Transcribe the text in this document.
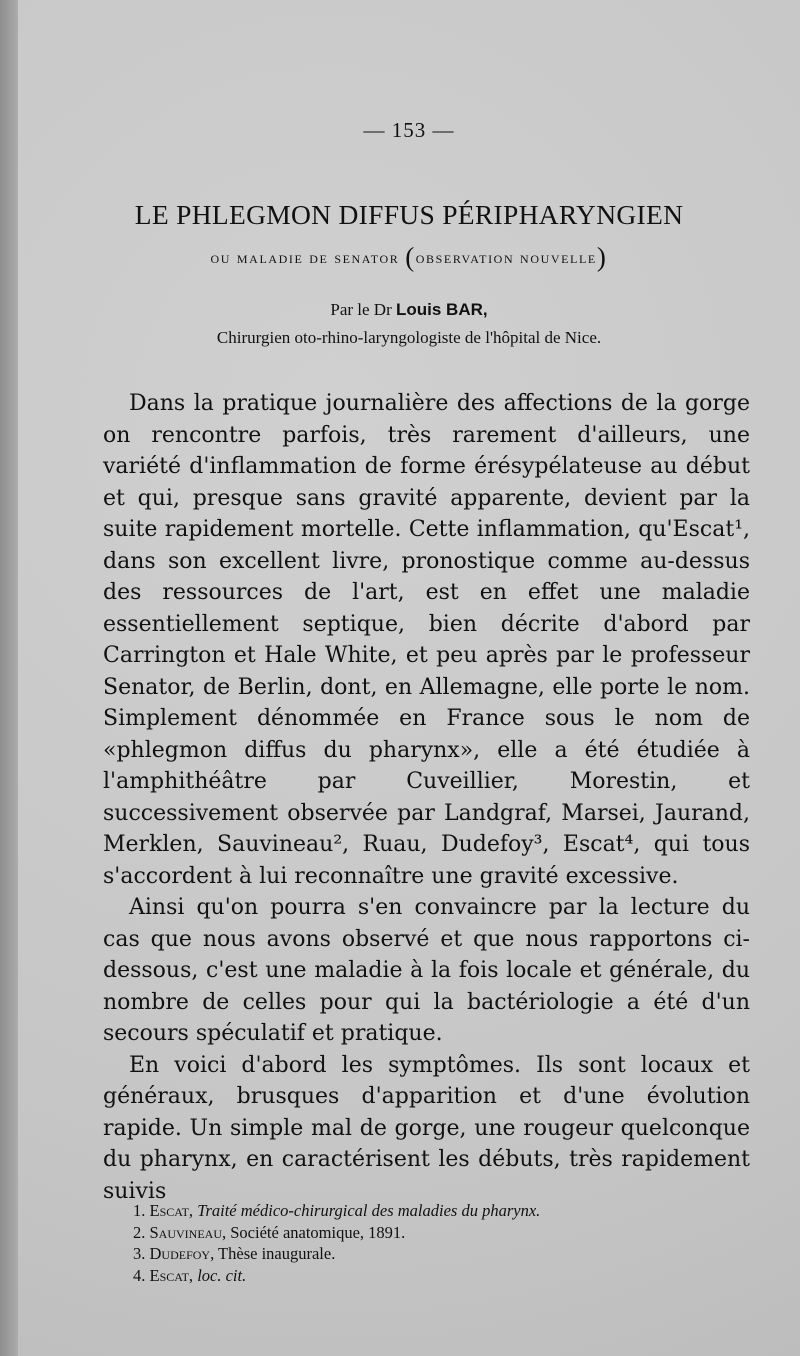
— 153 —
LE PHLEGMON DIFFUS PÉRIPHARYNGIEN
ou maladie de senator (observation nouvelle)
Par le Dr Louis BAR,
Chirurgien oto-rhino-laryngologiste de l'hôpital de Nice.

Dans la pratique journalière des affections de la gorge on rencontre parfois, très rarement d'ailleurs, une variété d'inflammation de forme érésypélateuse au début et qui, presque sans gravité apparente, devient par la suite rapidement mortelle. Cette inflammation, qu'Escat¹, dans son excellent livre, pronostique comme au-dessus des ressources de l'art, est en effet une maladie essentiellement septique, bien décrite d'abord par Carrington et Hale White, et peu après par le professeur Senator, de Berlin, dont, en Allemagne, elle porte le nom. Simplement dénommée en France sous le nom de «phlegmon diffus du pharynx», elle a été étudiée à l'amphithéâtre par Cuveillier, Morestin, et successivement observée par Landgraf, Marsei, Jaurand, Merklen, Sauvineau², Ruau, Dudefoy³, Escat⁴, qui tous s'accordent à lui reconnaître une gravité excessive.

Ainsi qu'on pourra s'en convaincre par la lecture du cas que nous avons observé et que nous rapportons ci-dessous, c'est une maladie à la fois locale et générale, du nombre de celles pour qui la bactériologie a été d'un secours spéculatif et pratique.

En voici d'abord les symptômes. Ils sont locaux et généraux, brusques d'apparition et d'une évolution rapide. Un simple mal de gorge, une rougeur quelconque du pharynx, en caractérisent les débuts, très rapidement suivis

1. Escat, Traité médico-chirurgical des maladies du pharynx.
2. Sauvineau, Société anatomique, 1891.
3. Dudefoy, Thèse inaugurale.
4. Escat, loc. cit.
